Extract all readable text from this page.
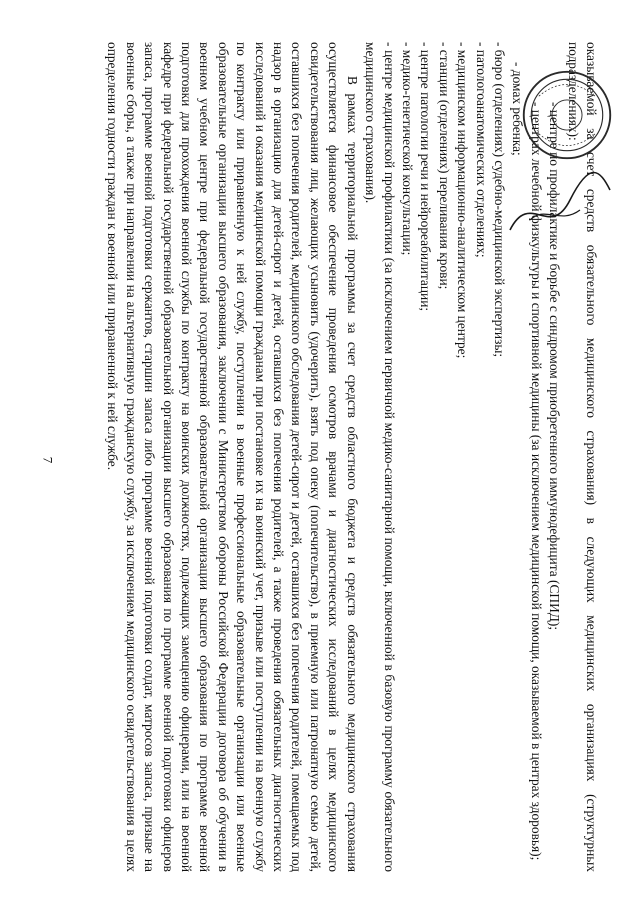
7	оказываемой за счет средств обязательного медицинского страхования) в следующих медицинских организациях (структурных подразделениях):

- центре по профилактике и борьбе с синдромом приобретенного иммунодефицита (СПИД);

- центрах лечебной физкультуры и спортивной медицины (за исключением медицинской помощи, оказываемой в центрах здоровья);

- домах ребенка;

- бюро (отделениях) судебно-медицинской экспертизы;

- патологоанатомических отделениях;

- медицинском информационно-аналитическом центре;

- станции (отделениях) переливания крови;

- центре патологии речи и нейрореабилитации;

- медико-генетической консультации;

- центре медицинской профилактики (за исключением первичной медико-санитарной помощи, включенной в базовую программу обязательного медицинского страхования).

В рамках территориальной программы за счет средств областного бюджета и средств обязательного медицинского страхования осуществляется финансовое обеспечение проведения осмотров врачами и диагностических исследований в целях медицинского освидетельствования лиц, желающих усыновить (удочерить), взять под опеку (попечительство), в приемную или патронатную семью детей, оставшихся без попечения родителей, медицинского обследования детей-сирот и детей, оставшихся без попечения родителей, помещаемых под надзор в организацию для детей-сирот и детей, оставшихся без попечения родителей, а также проведения обязательных диагностических исследований и оказания медицинской помощи гражданам при постановке их на воинский учет, призыве или поступлении на военную службу по контракту или приравненную к ней службу, поступлении в военные профессиональные образовательные организации или военные образовательные организации высшего образования, заключении с Министерством обороны Российской Федерации договора об обучении в военном учебном центре при федеральной государственной образовательной организации высшего образования по программе военной подготовки для прохождения военной службы по контракту на воинских должностях, подлежащих замещению офицерами, или на военной кафедре при федеральной государственной образовательной организации высшего образования по программе военной подготовки офицеров запаса, программе военной подготовки сержантов, старшин запаса либо программе военной подготовки солдат, матросов запаса, призыве на военные сборы, а также при направлении на альтернативную гражданскую службу, за исключением медицинского освидетельствования в целях определения годности граждан к военной или приравненной к ней службе.
